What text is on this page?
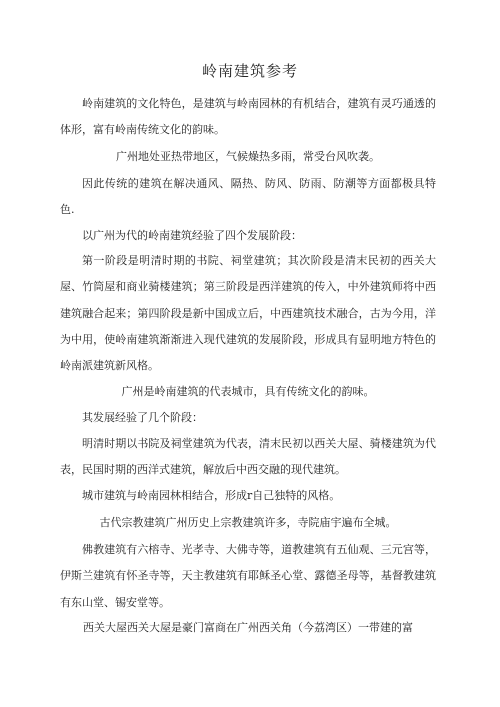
岭南建筑参考

岭南建筑的文化特色，是建筑与岭南园林的有机结合，建筑有灵巧通透的体形，富有岭南传统文化的韵味。

广州地处亚热带地区，气候燥热多雨，常受台风吹袭。

因此传统的建筑在解决通风、隔热、防风、防雨、防潮等方面都极具特色.

以广州为代的岭南建筑经验了四个发展阶段：

第一阶段是明清时期的书院、祠堂建筑；其次阶段是清末民初的西关大屋、竹筒屋和商业骑楼建筑；第三阶段是西洋建筑的传入，中外建筑师将中西建筑融合起来；第四阶段是新中国成立后，中西建筑技术融合，古为今用，洋为中用，使岭南建筑渐渐进入现代建筑的发展阶段，形成具有显明地方特色的岭南派建筑新风格。

广州是岭南建筑的代表城市，具有传统文化的韵味。

其发展经验了几个阶段：

明清时期以书院及祠堂建筑为代表，清末民初以西关大屋、骑楼建筑为代表，民国时期的西洋式建筑，解放后中西交融的现代建筑。

城市建筑与岭南园林相结合，形成r自己独特的风格。

古代宗教建筑广州历史上宗教建筑许多，寺院庙宇遍布全城。

佛教建筑有六榕寺、光孝寺、大佛寺等，道教建筑有五仙观、三元宫等，伊斯兰建筑有怀圣寺等，天主教建筑有耶稣圣心堂、露德圣母等，基督教建筑有东山堂、锡安堂等。

西关大屋西关大屋是豪门富商在广州西关角（今荔湾区）一带建的富
